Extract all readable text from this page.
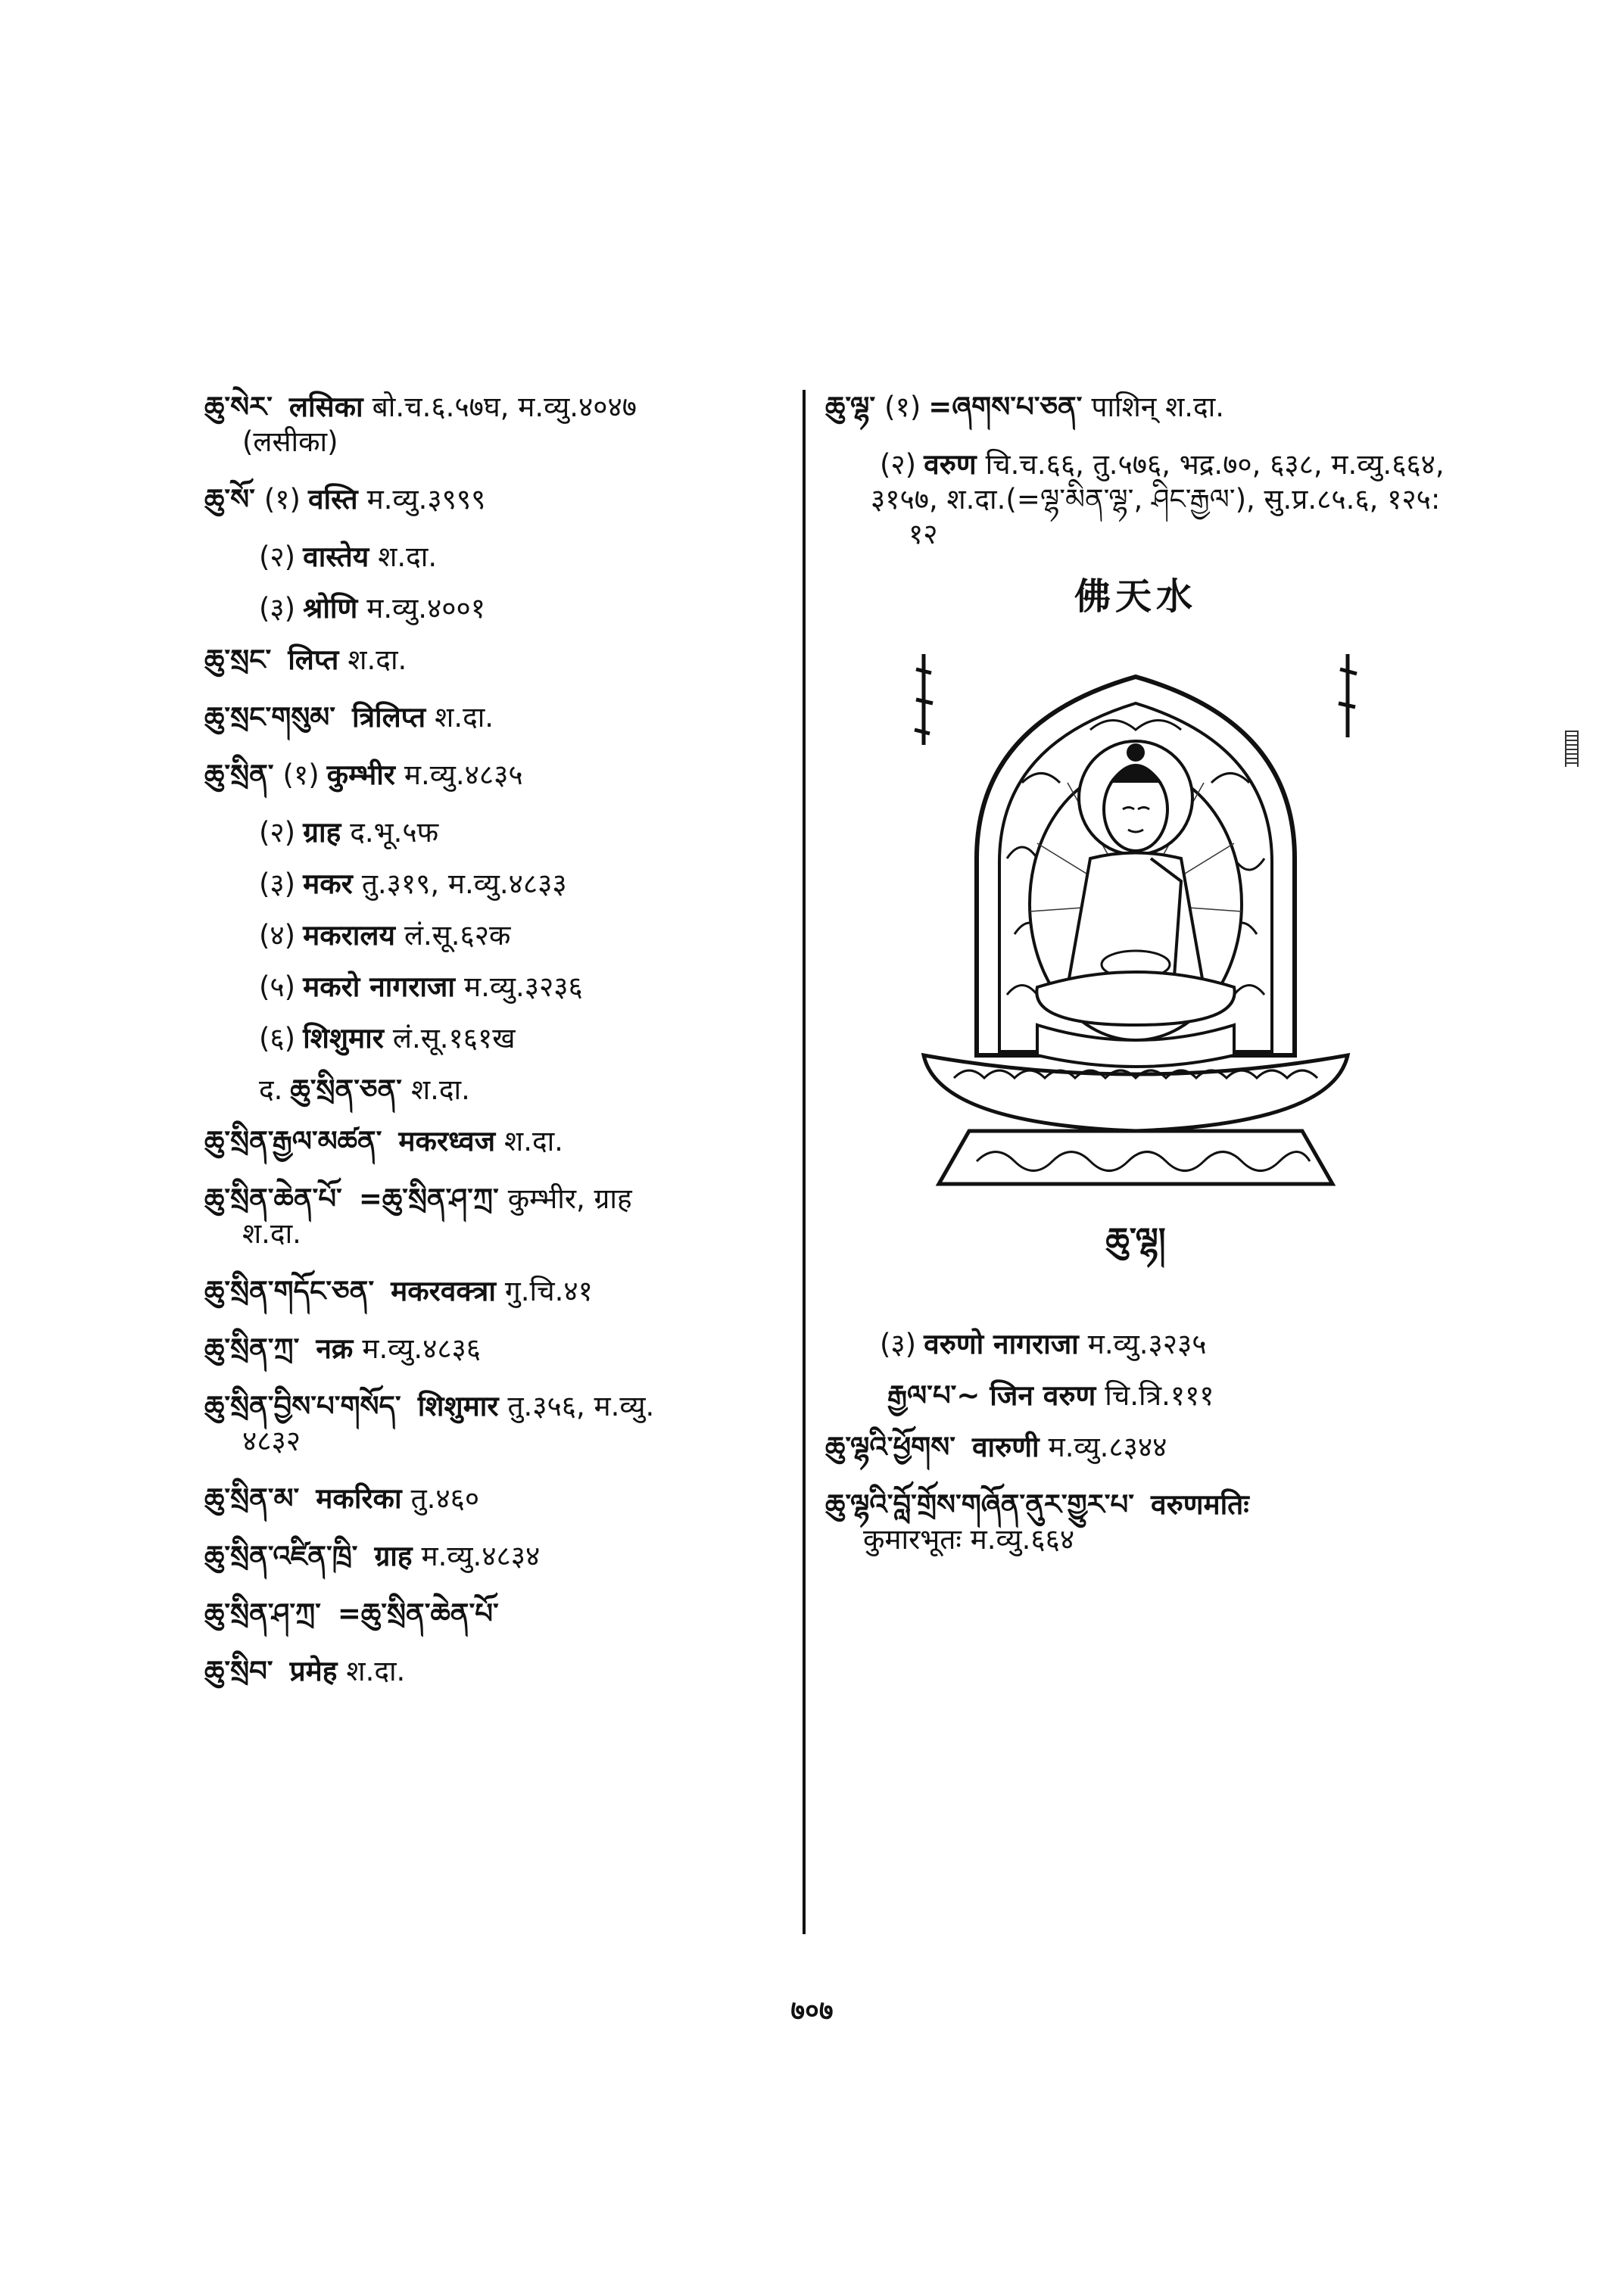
ཆུ་སེར་ लसिका बो.च.६.५७घ, म.व्यु.४०४७
(लसीका)
ཆུ་སོ་ (१) वस्ति म.व्यु.३९९९
(२) वास्तेय श.दा.
(३) श्रोणि म.व्यु.४००१
ཆུ་སྲང་ लिप्त श.दा.
ཆུ་སྲང་གསུམ་ त्रिलिप्त श.दा.
ཆུ་སྲིན་ (१) कुम्भीर म.व्यु.४८३५
(२) ग्राह द.भू.५फ
(३) मकर तु.३१९, म.व्यु.४८३३
(४) मकरालय लं.सू.६२क
(५) मकरो नागराजा म.व्यु.३२३६
(६) शिशुमार लं.सू.१६१ख
द. ཆུ་སྲིན་ཅན་ श.दा.
ཆུ་སྲིན་རྒྱལ་མཚན་ मकरध्वज श.दा.
ཆུ་སྲིན་ཆེན་པོ་ =ཆུ་སྲིན་ཤ་ཀྲ་ कुम्भीर, ग्राह
श.दा.
ཆུ་སྲིན་གདོང་ཅན་ मकरवक्त्रा गु.चि.४१
ཆུ་སྲིན་ཀྲ་ नक्र म.व्यु.४८३६
ཆུ་སྲིན་བྱིས་པ་གསོད་ शिशुमार तु.३५६, म.व्यु.
४८३२
ཆུ་སྲིན་མ་ मकरिका तु.४६०
ཆུ་སྲིན་འཛིན་ཁྲི་ ग्राह म.व्यु.४८३४
ཆུ་སྲིན་ཤ་ཀྲ་ =ཆུ་སྲིན་ཆེན་པོ་
ཆུ་སྲིབ་ प्रमेह श.दा.
ཆུ་ལྷ་ (१) =ཞགས་པ་ཅན་ पाशिन् श.दा.
(२) वरुण चि.च.६६, तु.५७६, भद्र.७०, ६३८, म.व्यु.६६४, ३१५७, श.दा.(=ལྷ་མིན་ལྷ་, ཤིང་རྒྱལ་), सु.प्र.८५.६, १२५:
१२
佛天水
ཆུ་ལྷ།
(३) वरुणो नागराजा म.व्यु.३२३५
རྒྱལ་པ་~ जिन वरुण चि.त्रि.१११
ཆུ་ལྷའི་ཕྱོགས་ वारुणी म.व्यु.८३४४
ཆུ་ལྷའི་བློ་གྲོས་གཞོན་ནུར་གྱུར་པ་ वरुणमतिः
कुमारभूतः म.व्यु.६६४
७०७
